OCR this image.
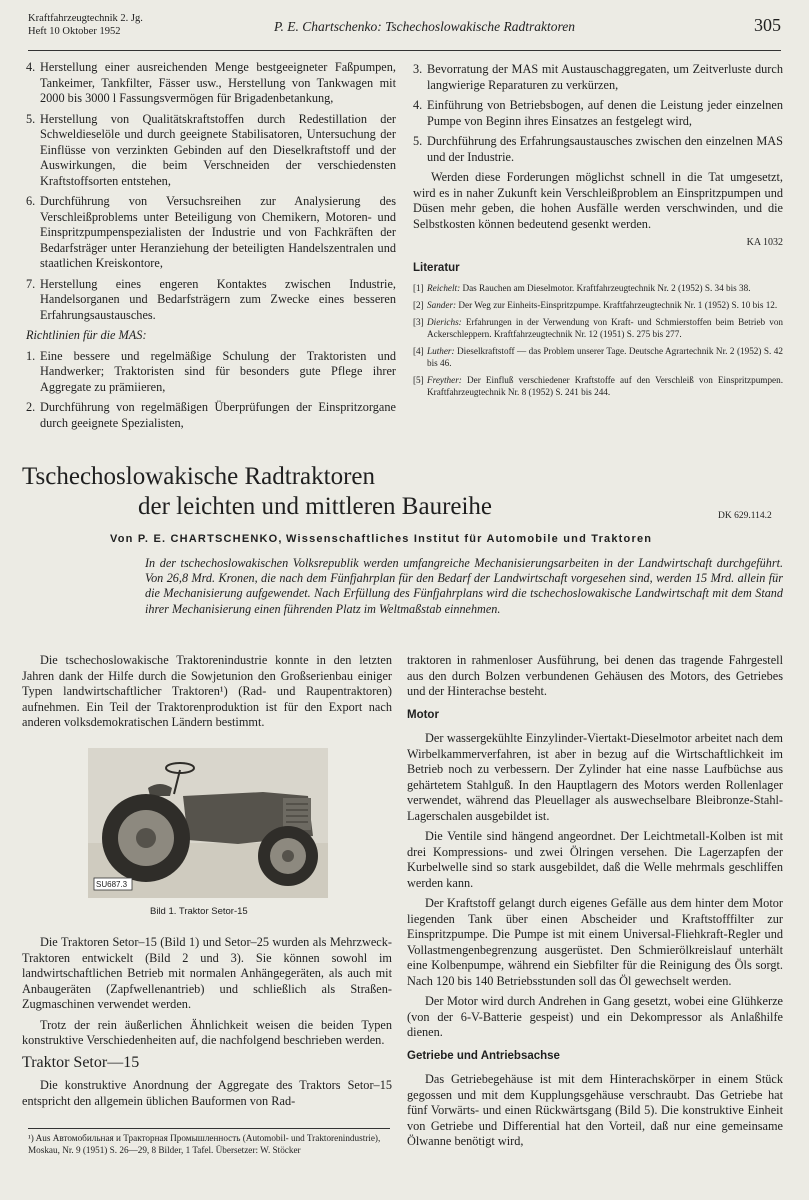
Kraftfahrzeugtechnik 2. Jg.
Heft 10 Oktober 1952	P. E. Chartschenko: Tschechoslowakische Radtraktoren	305
4. Herstellung einer ausreichenden Menge bestgeeigneter Faßpumpen, Tankeimer, Tankfilter, Fässer usw., Herstellung von Tankwagen mit 2000 bis 3000 l Fassungsvermögen für Brigadenbetankung,
5. Herstellung von Qualitätskraftstoffen durch Redestillation der Schweldieselöle und durch geeignete Stabilisatoren, Untersuchung der Einflüsse von verzinkten Gebinden auf den Dieselkraftstoff und der Auswirkungen, die beim Verschneiden der verschiedensten Kraftstoffsorten entstehen,
6. Durchführung von Versuchsreihen zur Analysierung des Verschleißproblems unter Beteiligung von Chemikern, Motoren- und Einspritzpumpenspezialisten der Industrie und von Fachkräften der Bedarfsträger unter Heranziehung der beteiligten Handelszentralen und staatlichen Kreiskontore,
7. Herstellung eines engeren Kontaktes zwischen Industrie, Handelsorganen und Bedarfsträgern zum Zwecke eines besseren Erfahrungsaustausches.
Richtlinien für die MAS:
1. Eine bessere und regelmäßige Schulung der Traktoristen und Handwerker; Traktoristen sind für besonders gute Pflege ihrer Aggregate zu prämiieren,
2. Durchführung von regelmäßigen Überprüfungen der Einspritzorgane durch geeignete Spezialisten,
3. Bevorratung der MAS mit Austauschaggregaten, um Zeitverluste durch langwierige Reparaturen zu verkürzen,
4. Einführung von Betriebsbogen, auf denen die Leistung jeder einzelnen Pumpe von Beginn ihres Einsatzes an festgelegt wird,
5. Durchführung des Erfahrungsaustausches zwischen den einzelnen MAS und der Industrie.

Werden diese Forderungen möglichst schnell in die Tat umgesetzt, wird es in naher Zukunft kein Verschleißproblem an Einspritzpumpen und Düsen mehr geben, die hohen Ausfälle werden verschwinden, und die Selbstkosten können bedeutend gesenkt werden.

KA 1032
Literatur
[1] Reichelt: Das Rauchen am Dieselmotor. Kraftfahrzeugtechnik Nr. 2 (1952) S. 34 bis 38.
[2] Sander: Der Weg zur Einheits-Einspritzpumpe. Kraftfahrzeugtechnik Nr. 1 (1952) S. 10 bis 12.
[3] Dierichs: Erfahrungen in der Verwendung von Kraft- und Schmierstoffen beim Betrieb von Ackerschleppern. Kraftfahrzeugtechnik Nr. 12 (1951) S. 275 bis 277.
[4] Luther: Dieselkraftstoff — das Problem unserer Tage. Deutsche Agrartechnik Nr. 2 (1952) S. 42 bis 46.
[5] Freyther: Der Einfluß verschiedener Kraftstoffe auf den Verschleiß von Einspritzpumpen. Kraftfahrzeugtechnik Nr. 8 (1952) S. 241 bis 244.
Tschechoslowakische Radtraktoren
der leichten und mittleren Baureihe	DK 629.114.2
Von P. E. CHARTSCHENKO, Wissenschaftliches Institut für Automobile und Traktoren
In der tschechoslowakischen Volksrepublik werden umfangreiche Mechanisierungsarbeiten in der Landwirtschaft durchgeführt. Von 26,8 Mrd. Kronen, die nach dem Fünfjahrplan für den Bedarf der Landwirtschaft vorgesehen sind, werden 15 Mrd. allein für die Mechanisierung aufgewendet. Nach Erfüllung des Fünfjahrplans wird die tschechoslowakische Landwirtschaft mit dem Stand ihrer Mechanisierung einen führenden Platz im Weltmaßstab einnehmen.

Die tschechoslowakische Traktorenindustrie konnte in den letzten Jahren dank der Hilfe durch die Sowjetunion den Großserienbau einiger Typen landwirtschaftlicher Traktoren¹) (Rad- und Raupentraktoren) aufnehmen. Ein Teil der Traktorenproduktion ist für den Export nach anderen volksdemokratischen Ländern bestimmt.

SU687.3
Bild 1. Traktor Setor-15

Die Traktoren Setor–15 (Bild 1) und Setor–25 wurden als Mehrzweck-Traktoren entwickelt (Bild 2 und 3). Sie können sowohl im landwirtschaftlichen Betrieb mit normalen Anhängegeräten, als auch mit Anbaugeräten (Zapfwellenantrieb) und schließlich als Straßen-Zugmaschinen verwendet werden.

Trotz der rein äußerlichen Ähnlichkeit weisen die beiden Typen konstruktive Verschiedenheiten auf, die nachfolgend beschrieben werden.

Traktor Setor—15

Die konstruktive Anordnung der Aggregate des Traktors Setor–15 entspricht den allgemein üblichen Bauformen von Rad-

¹) Aus Автомобильная и Тракторная Промышленность (Automobil- und Traktorenindustrie), Moskau, Nr. 9 (1951) S. 26—29, 8 Bilder, 1 Tafel. Übersetzer: W. Stöcker

traktoren in rahmenloser Ausführung, bei denen das tragende Fahrgestell aus den durch Bolzen verbundenen Gehäusen des Motors, des Getriebes und der Hinterachse besteht.

Motor

Der wassergekühlte Einzylinder-Viertakt-Dieselmotor arbeitet nach dem Wirbelkammerverfahren, ist aber in bezug auf die Wirtschaftlichkeit im Betrieb noch zu verbessern. Der Zylinder hat eine nasse Laufbüchse aus gehärtetem Stahlguß. In den Hauptlagern des Motors werden Rollenlager verwendet, während das Pleuellager als auswechselbare Bleibronze-Stahl-Lagerschalen ausgebildet ist.

Die Ventile sind hängend angeordnet. Der Leichtmetall-Kolben ist mit drei Kompressions- und zwei Ölringen versehen. Die Lagerzapfen der Kurbelwelle sind so stark ausgebildet, daß die Welle mehrmals geschliffen werden kann.

Der Kraftstoff gelangt durch eigenes Gefälle aus dem hinter dem Motor liegenden Tank über einen Abscheider und Kraftstofffilter zur Einspritzpumpe. Die Pumpe ist mit einem Universal-Fliehkraft-Regler und Vollastmengenbegrenzung ausgerüstet. Den Schmierölkreislauf unterhält eine Kolbenpumpe, während ein Siebfilter für die Reinigung des Öls sorgt. Nach 120 bis 140 Betriebsstunden soll das Öl gewechselt werden.

Der Motor wird durch Andrehen in Gang gesetzt, wobei eine Glühkerze (von der 6-V-Batterie gespeist) und ein Dekompressor als Anlaßhilfe dienen.

Getriebe und Antriebsachse

Das Getriebegehäuse ist mit dem Hinterachskörper in einem Stück gegossen und mit dem Kupplungsgehäuse verschraubt. Das Getriebe hat fünf Vorwärts- und einen Rückwärtsgang (Bild 5). Die konstruktive Einheit von Getriebe und Differential hat den Vorteil, daß nur eine gemeinsame Ölwanne benötigt wird,
